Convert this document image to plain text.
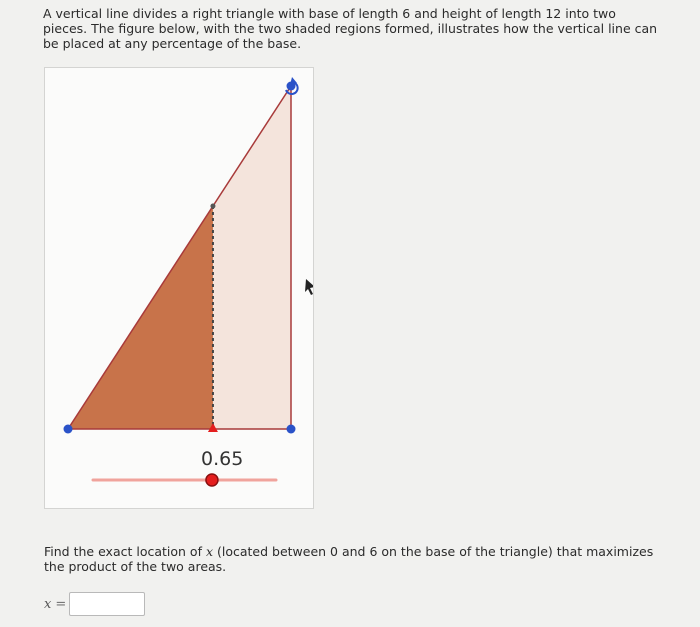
A vertical line divides a right triangle with base of length 6 and height of length 12 into two pieces. The figure below, with the two shaded regions formed, illustrates how the vertical line can be placed at any percentage of the base.

0.65

Find the exact location of x (located between 0 and 6 on the base of the triangle) that maximizes the product of the two areas.

x =
